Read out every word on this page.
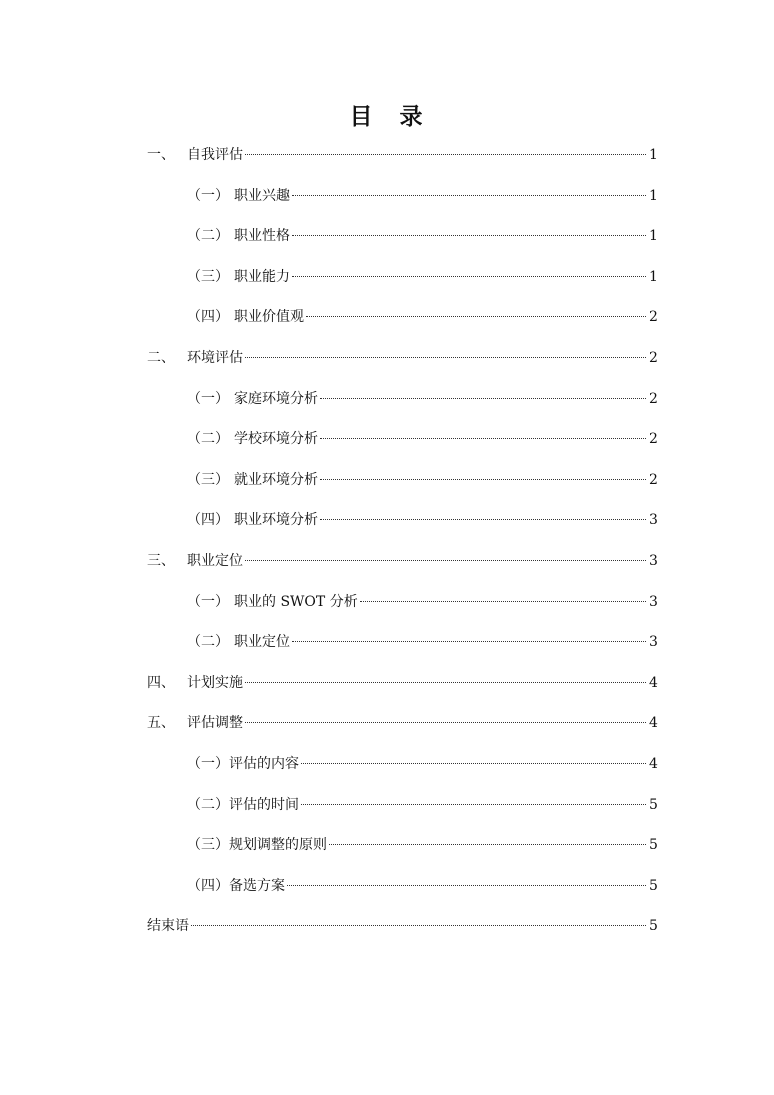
目　录
一、 自我评估	1
（一） 职业兴趣	1
（二） 职业性格	1
（三） 职业能力	1
（四） 职业价值观	2
二、 环境评估	2
（一） 家庭环境分析	2
（二） 学校环境分析	2
（三） 就业环境分析	2
（四） 职业环境分析	3
三、 职业定位	3
（一） 职业的 SWOT 分析	3
（二） 职业定位	3
四、 计划实施	4
五、 评估调整	4
（一）评估的内容	4
（二）评估的时间	5
（三）规划调整的原则	5
（四）备选方案	5
结束语	5
